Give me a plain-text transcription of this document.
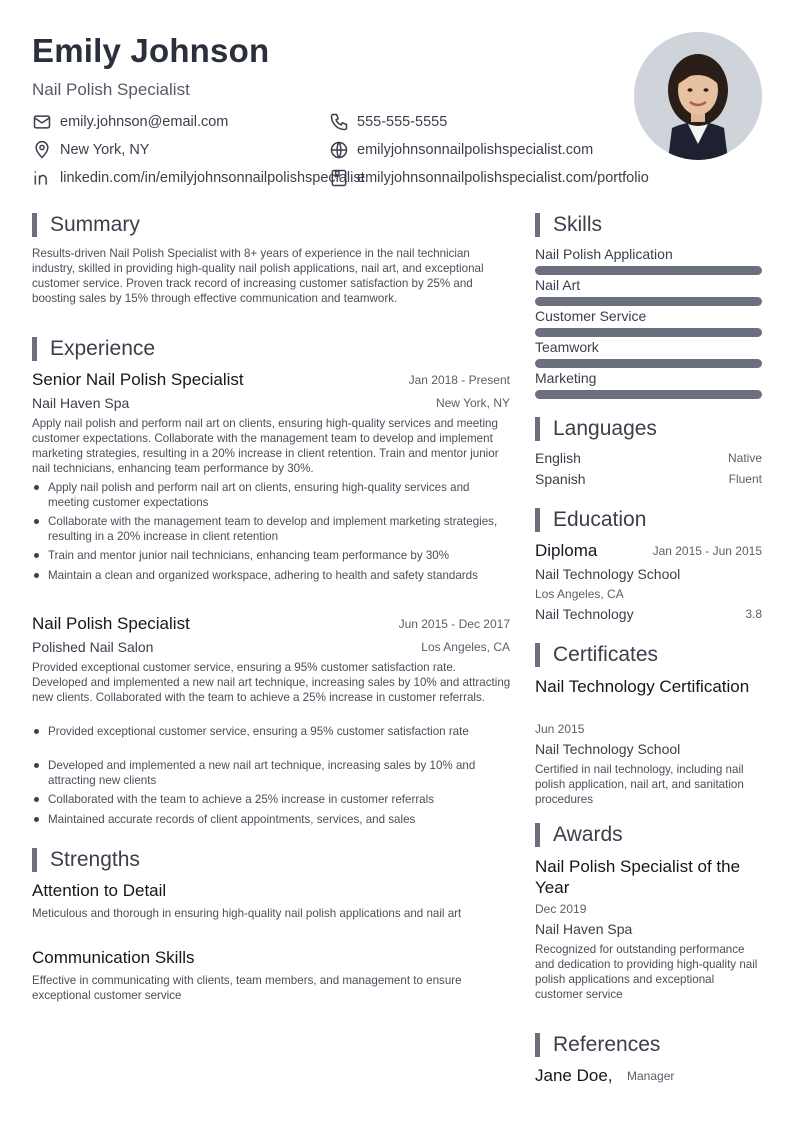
Emily Johnson
Nail Polish Specialist
emily.johnson@email.com	555-555-5555
New York, NY	emilyjohnsonnailpolishspecialist.com
linkedin.com/in/emilyjohnsonnailpolishspecialist
emilyjohnsonnailpolishspecialist.com/portfolio
Summary
Results-driven Nail Polish Specialist with 8+ years of experience in the nail technician industry, skilled in providing high-quality nail polish applications, nail art, and exceptional customer service. Proven track record of increasing customer satisfaction by 25% and boosting sales by 15% through effective communication and teamwork.
Experience
Senior Nail Polish Specialist	Jan 2018 - Present
Nail Haven Spa	New York, NY
Apply nail polish and perform nail art on clients, ensuring high-quality services and meeting customer expectations. Collaborate with the management team to develop and implement marketing strategies, resulting in a 20% increase in client retention. Train and mentor junior nail technicians, enhancing team performance by 30%.
Apply nail polish and perform nail art on clients, ensuring high-quality services and meeting customer expectations
Collaborate with the management team to develop and implement marketing strategies, resulting in a 20% increase in client retention
Train and mentor junior nail technicians, enhancing team performance by 30%
Maintain a clean and organized workspace, adhering to health and safety standards
Nail Polish Specialist	Jun 2015 - Dec 2017
Polished Nail Salon	Los Angeles, CA
Provided exceptional customer service, ensuring a 95% customer satisfaction rate. Developed and implemented a new nail art technique, increasing sales by 10% and attracting new clients. Collaborated with the team to achieve a 25% increase in customer referrals.
Provided exceptional customer service, ensuring a 95% customer satisfaction rate
Developed and implemented a new nail art technique, increasing sales by 10% and attracting new clients
Collaborated with the team to achieve a 25% increase in customer referrals
Maintained accurate records of client appointments, services, and sales
Strengths
Attention to Detail
Meticulous and thorough in ensuring high-quality nail polish applications and nail art
Communication Skills
Effective in communicating with clients, team members, and management to ensure exceptional customer service
Skills
Nail Polish Application
Nail Art
Customer Service
Teamwork
Marketing
Languages
English	Native
Spanish	Fluent
Education
Diploma	Jan 2015 - Jun 2015
Nail Technology School
Los Angeles, CA
Nail Technology	3.8
Certificates
Nail Technology Certification
Jun 2015
Nail Technology School
Certified in nail technology, including nail polish application, nail art, and sanitation procedures
Awards
Nail Polish Specialist of the Year
Dec 2019
Nail Haven Spa
Recognized for outstanding performance and dedication to providing high-quality nail polish applications and exceptional customer service
References
Jane Doe, Manager
